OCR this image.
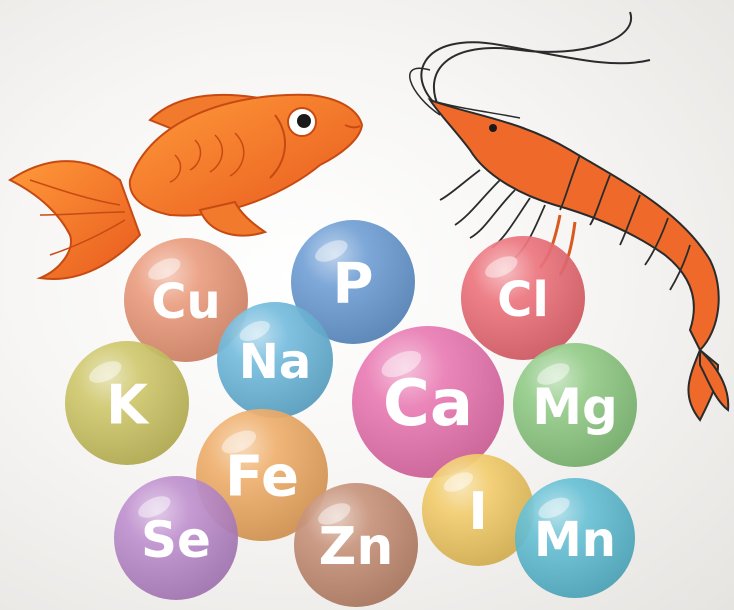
Cu P	Cl
K
Na
Ca Mg
Fe
I
Se Zn	Mn
